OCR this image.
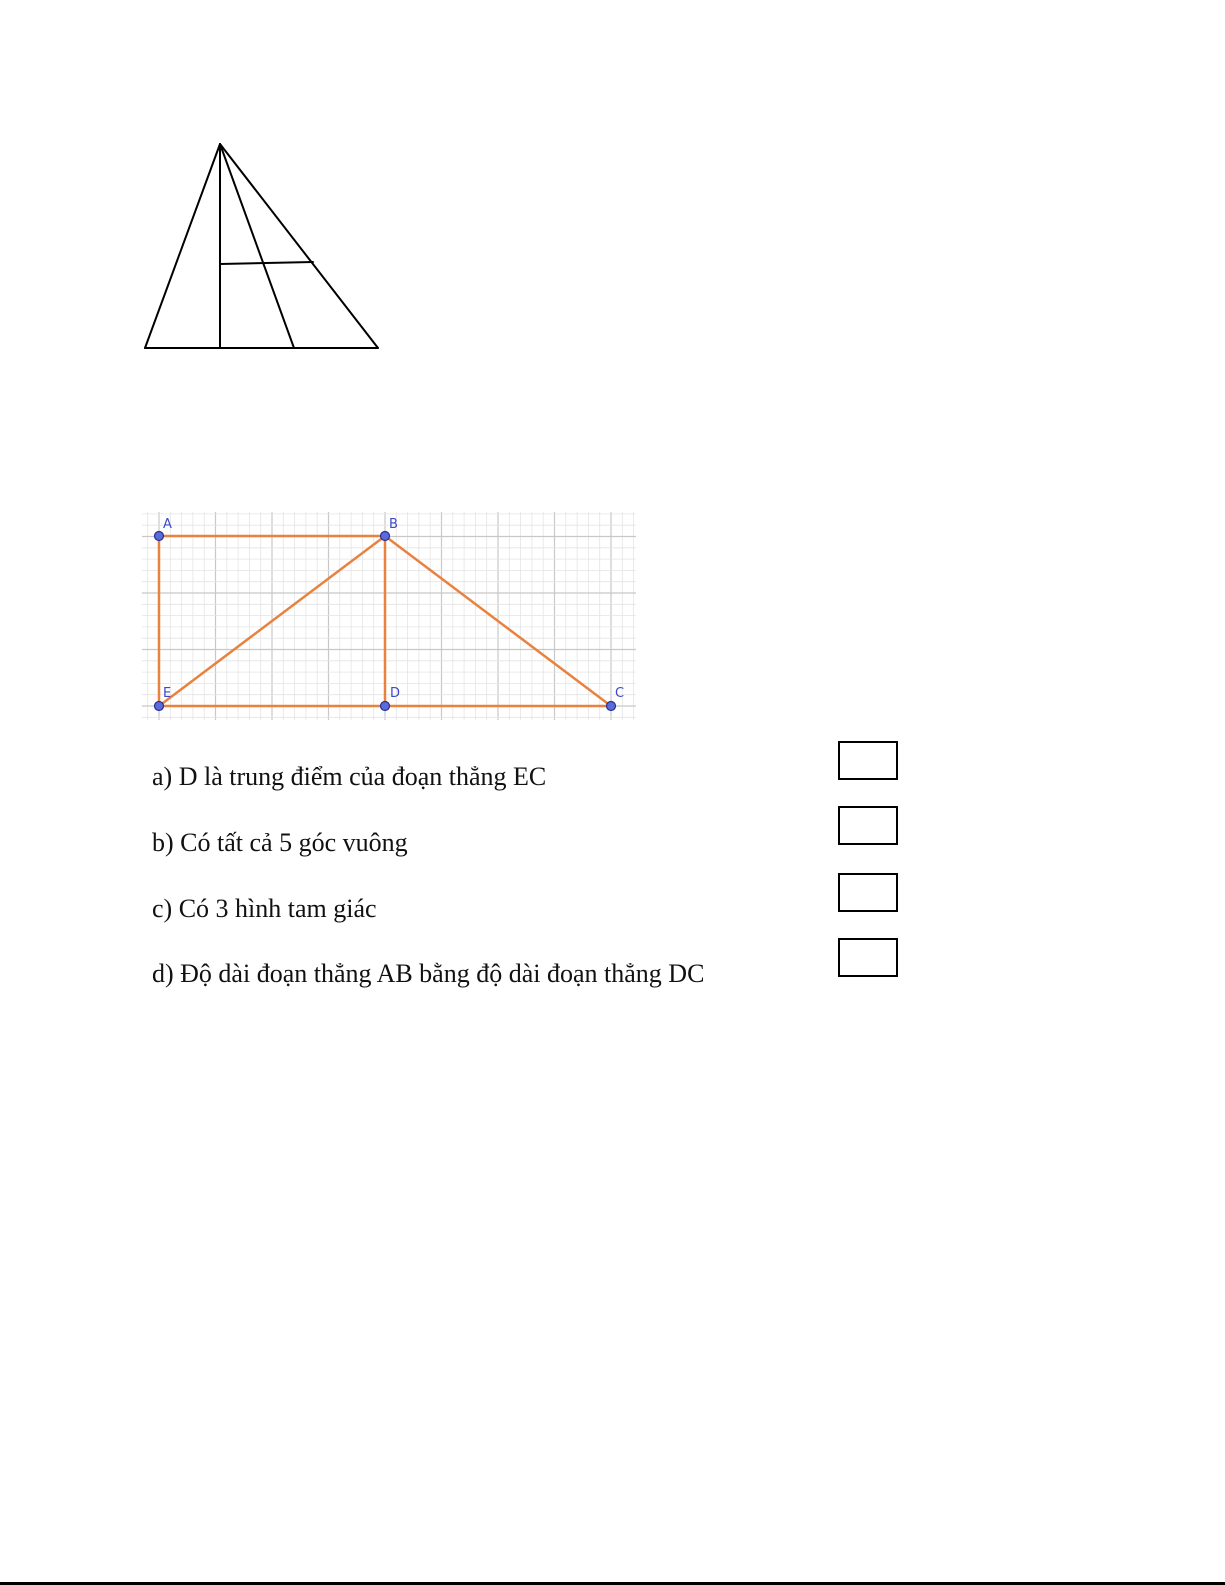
A	B
E	D	C
a) D là trung điểm của đoạn thẳng EC
b) Có tất cả 5 góc vuông
c) Có 3 hình tam giác
d) Độ dài đoạn thẳng AB bằng độ dài đoạn thẳng DC
